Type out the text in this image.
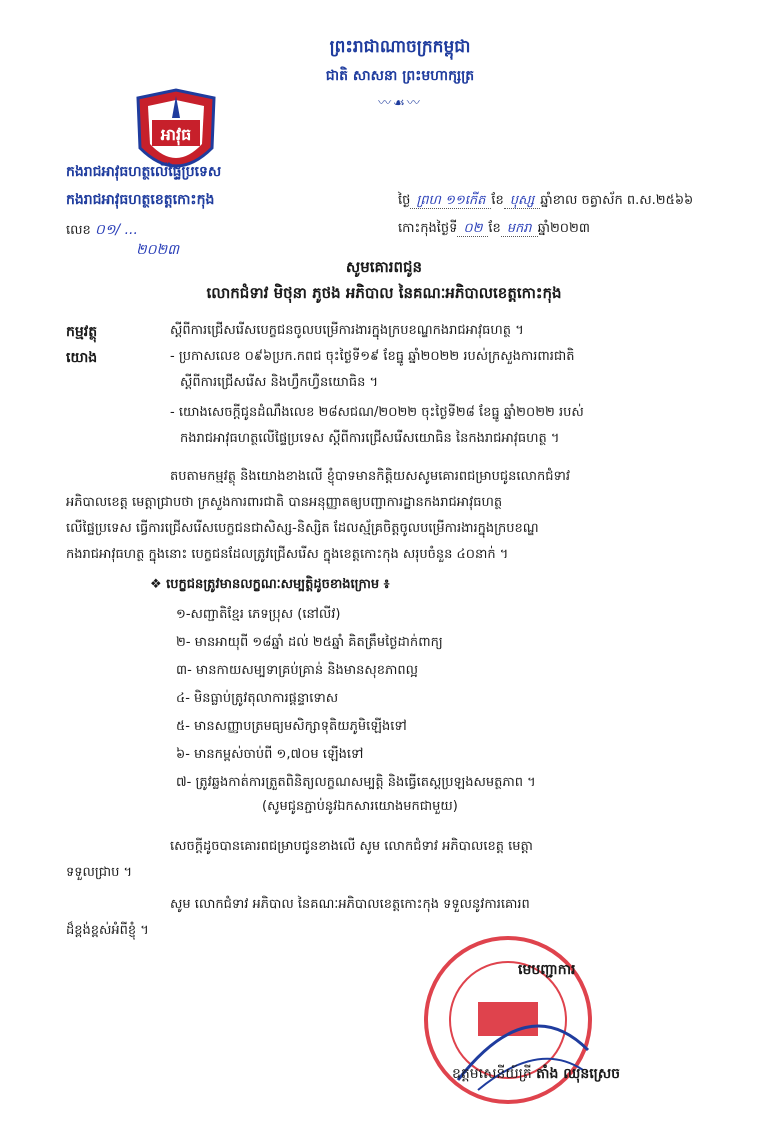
ព្រះរាជាណាចក្រកម្ពុជា
ជាតិ សាសនា ព្រះមហាក្សត្រ
〰☙〰
អាវុធ
កងរាជអាវុធហត្ថលើផ្ទៃប្រទេស
កងរាជអាវុធហត្ថខេត្តកោះកុង
លេខ ០១/ ...
២០២៣
ថ្ងៃ ព្រហ ១១កើត ខែ បុស្ស ឆ្នាំខាល ចត្វាស័ក ព.ស.២៥៦៦
កោះកុងថ្ងៃទី ០២ ខែ មករា ឆ្នាំ២០២៣
សូមគោរពជូន
លោកជំទាវ មិថុនា ភូថង អភិបាល នៃគណៈអភិបាលខេត្តកោះកុង
កម្មវត្ថុ	ស្តីពីការជ្រើសរើសបេក្ខជនចូលបម្រើការងារក្នុងក្របខណ្ឌកងរាជអាវុធហត្ថ ។
យោង	- ប្រកាសលេខ ០៩៦ប្រក.កពជ ចុះថ្ងៃទី១៩ ខែធ្នូ ឆ្នាំ២០២២ របស់ក្រសួងការពារជាតិ
ស្តីពីការជ្រើសរើស និងហ្វឹកហ្វឺនយោធិន ។
- យោងសេចក្តីជូនដំណឹងលេខ ២៨សជណ/២០២២ ចុះថ្ងៃទី២៨ ខែធ្នូ ឆ្នាំ២០២២ របស់
កងរាជអាវុធហត្ថលើផ្ទៃប្រទេស ស្តីពីការជ្រើសរើសយោធិន នៃកងរាជអាវុធហត្ថ ។
តបតាមកម្មវត្ថុ និងយោងខាងលើ ខ្ញុំបាទមានកិត្តិយសសូមគោរពជម្រាបជូនលោកជំទាវ
អភិបាលខេត្ត មេត្តាជ្រាបថា ក្រសួងការពារជាតិ បានអនុញ្ញាតឲ្យបញ្ជាការដ្ឋានកងរាជអាវុធហត្ថ
លើផ្ទៃប្រទេស ធ្វើការជ្រើសរើសបេក្ខជនជាសិស្ស-និស្សិត ដែលស្ម័គ្រចិត្តចូលបម្រើការងារក្នុងក្របខណ្ឌ
កងរាជអាវុធហត្ថ ក្នុងនោះ បេក្ខជនដែលត្រូវជ្រើសរើស ក្នុងខេត្តកោះកុង សរុបចំនួន ៤០នាក់ ។
❖ បេក្ខជនត្រូវមានលក្ខណៈសម្បត្តិដូចខាងក្រោម ៖
១-សញ្ជាតិខ្មែរ ភេទប្រុស (នៅលីវ)
២- មានអាយុពី ១៨ឆ្នាំ ដល់ ២៥ឆ្នាំ គិតត្រឹមថ្ងៃដាក់ពាក្យ
៣- មានកាយសម្បទាគ្រប់គ្រាន់ និងមានសុខភាពល្អ
៤- មិនធ្លាប់ត្រូវតុលាការផ្តន្ទាទោស
៥- មានសញ្ញាបត្រមធ្យមសិក្សាទុតិយភូមិឡើងទៅ
៦- មានកម្ពស់ចាប់ពី ១,៧០ម ឡើងទៅ
៧- ត្រូវឆ្លងកាត់ការត្រួតពិនិត្យលក្ខណសម្បត្តិ និងធ្វើតេស្តប្រឡងសមត្ថភាព ។
(សូមជូនភ្ជាប់នូវឯកសារយោងមកជាមួយ)
សេចក្តីដូចបានគោរពជម្រាបជូនខាងលើ សូម លោកជំទាវ អភិបាលខេត្ត មេត្តា
ទទួលជ្រាប ។
សូម លោកជំទាវ អភិបាល នៃគណៈអភិបាលខេត្តកោះកុង ទទួលនូវការគោរព
ដ៏ខ្ពង់ខ្ពស់អំពីខ្ញុំ ។
មេបញ្ជាការ
ឧត្តមសេនីយ៍ត្រី តាំង ឈុនស្រេច
